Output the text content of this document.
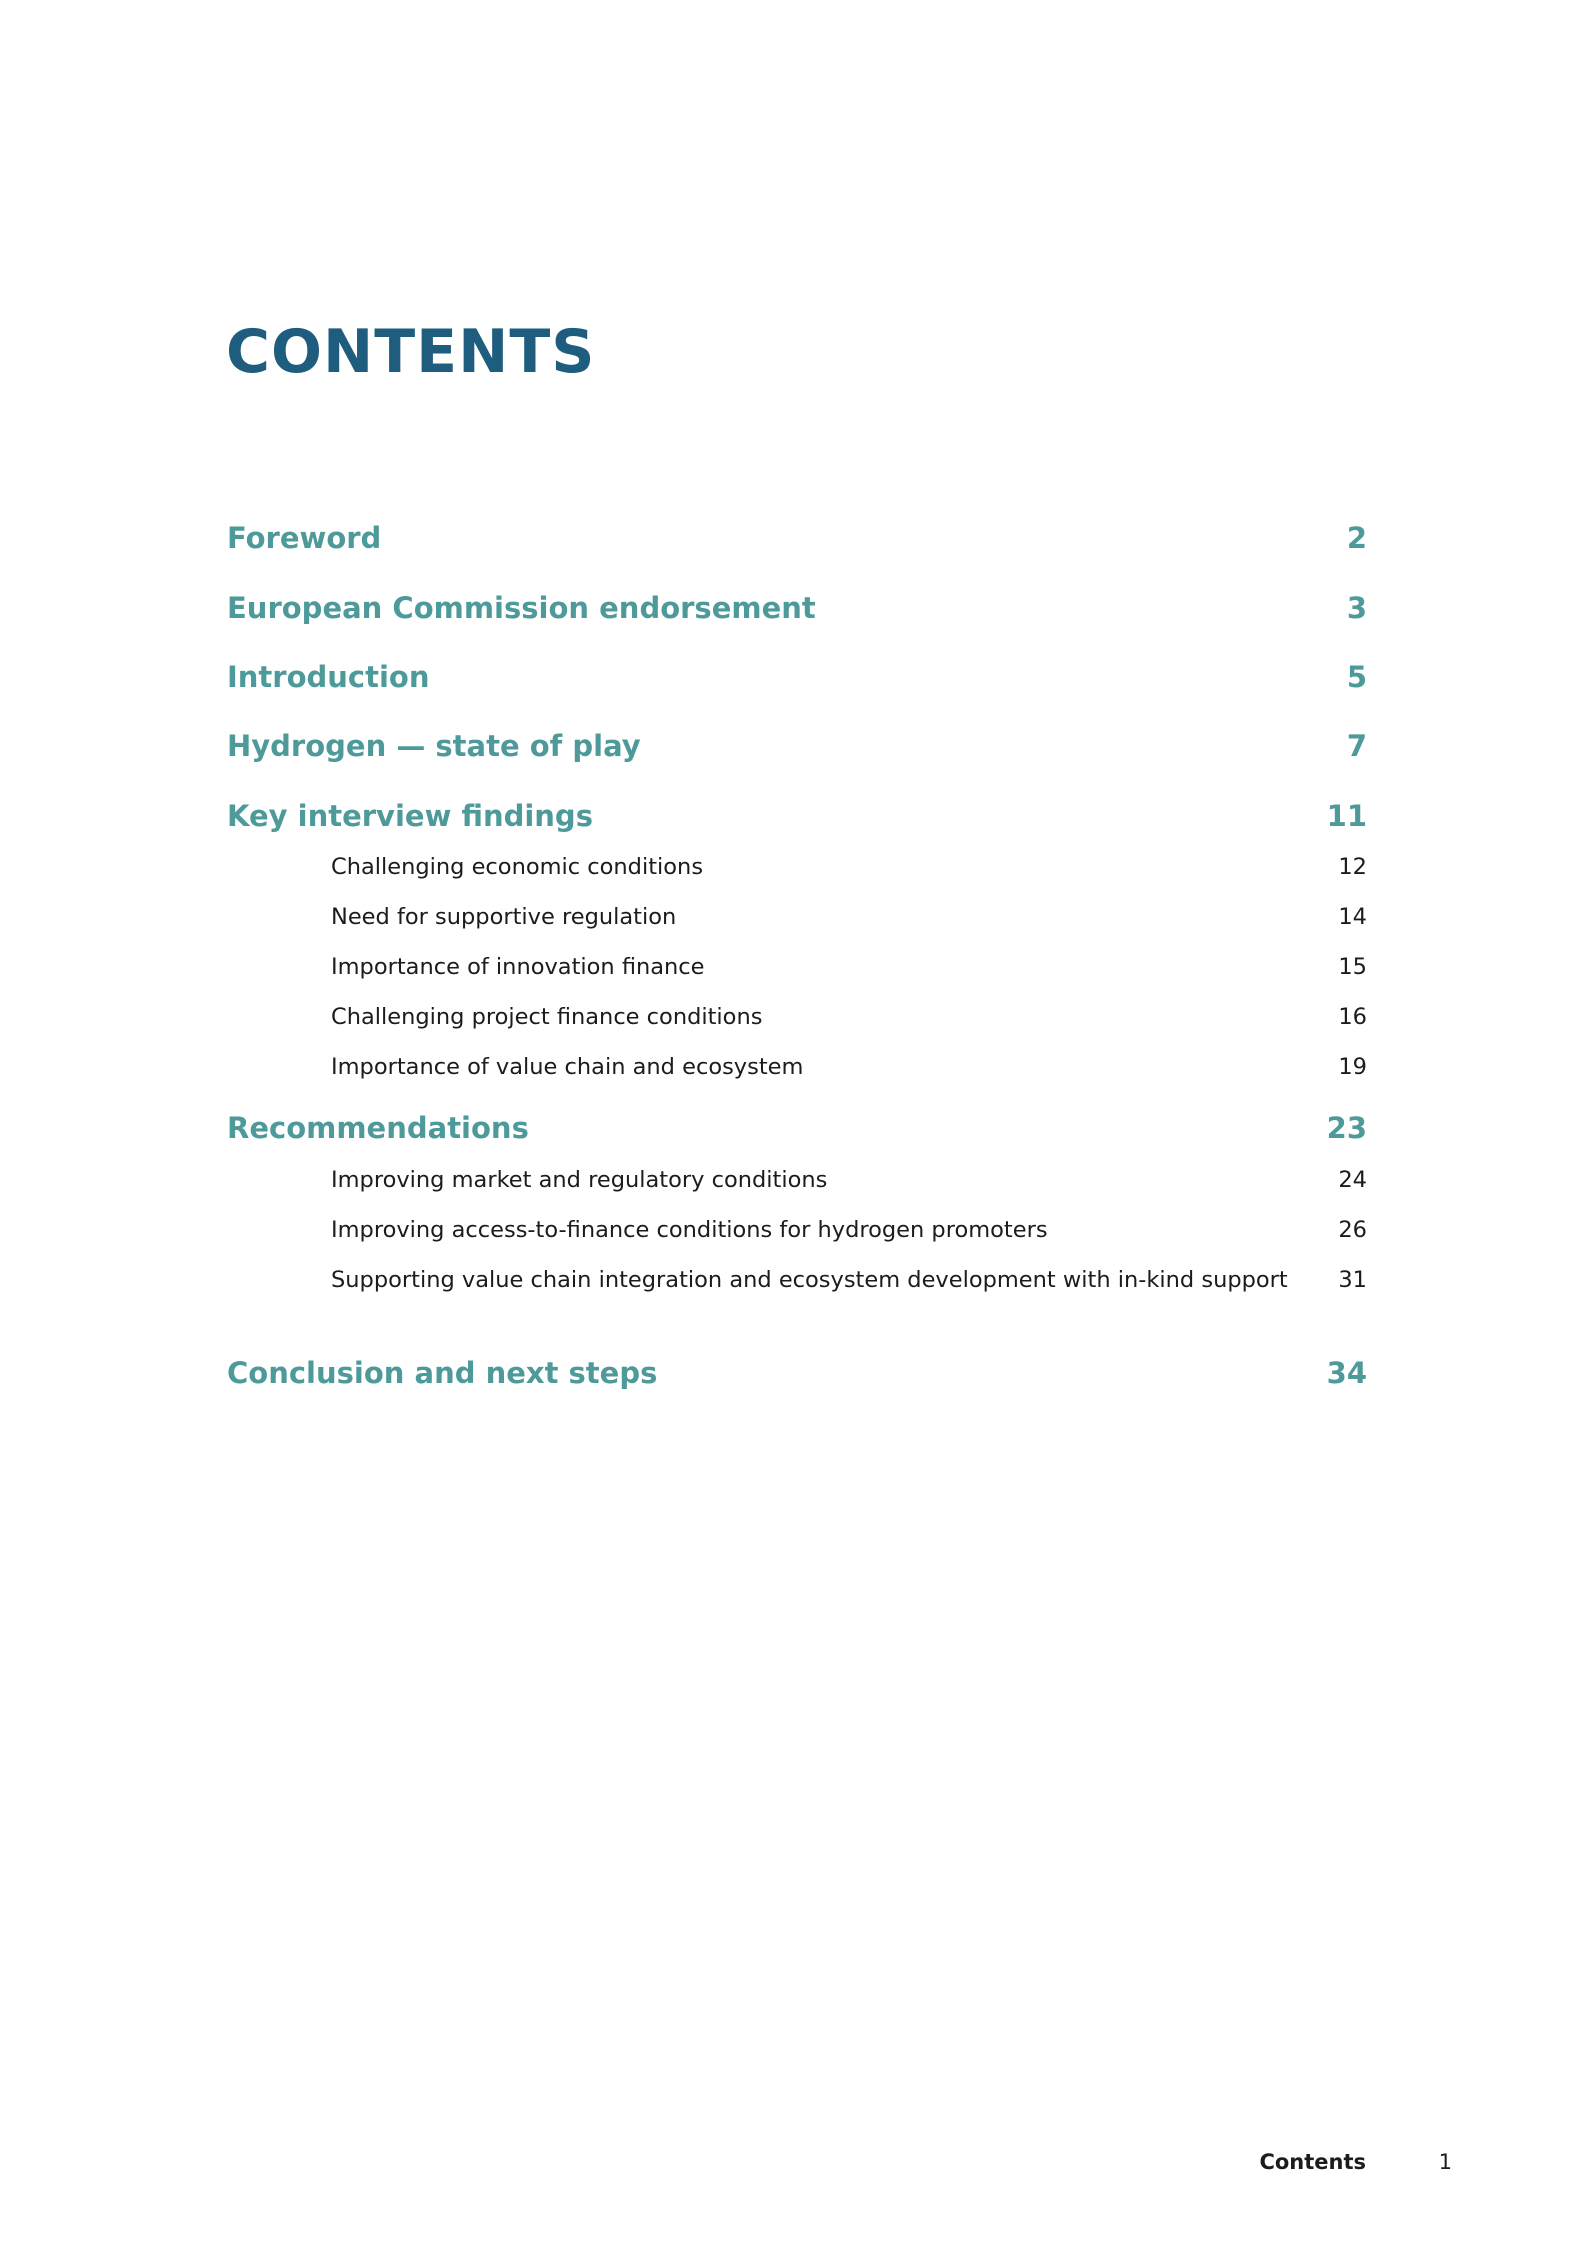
CONTENTS
Foreword	2
European Commission endorsement	3
Introduction	5
Hydrogen — state of play	7
Key interview findings	11
Challenging economic conditions	12
Need for supportive regulation	14
Importance of innovation finance	15
Challenging project finance conditions	16
Importance of value chain and ecosystem	19
Recommendations	23
Improving market and regulatory conditions	24
Improving access-to-finance conditions for hydrogen promoters	26
Supporting value chain integration and ecosystem development with in-kind support 31
Conclusion and next steps	34
Contents	1
